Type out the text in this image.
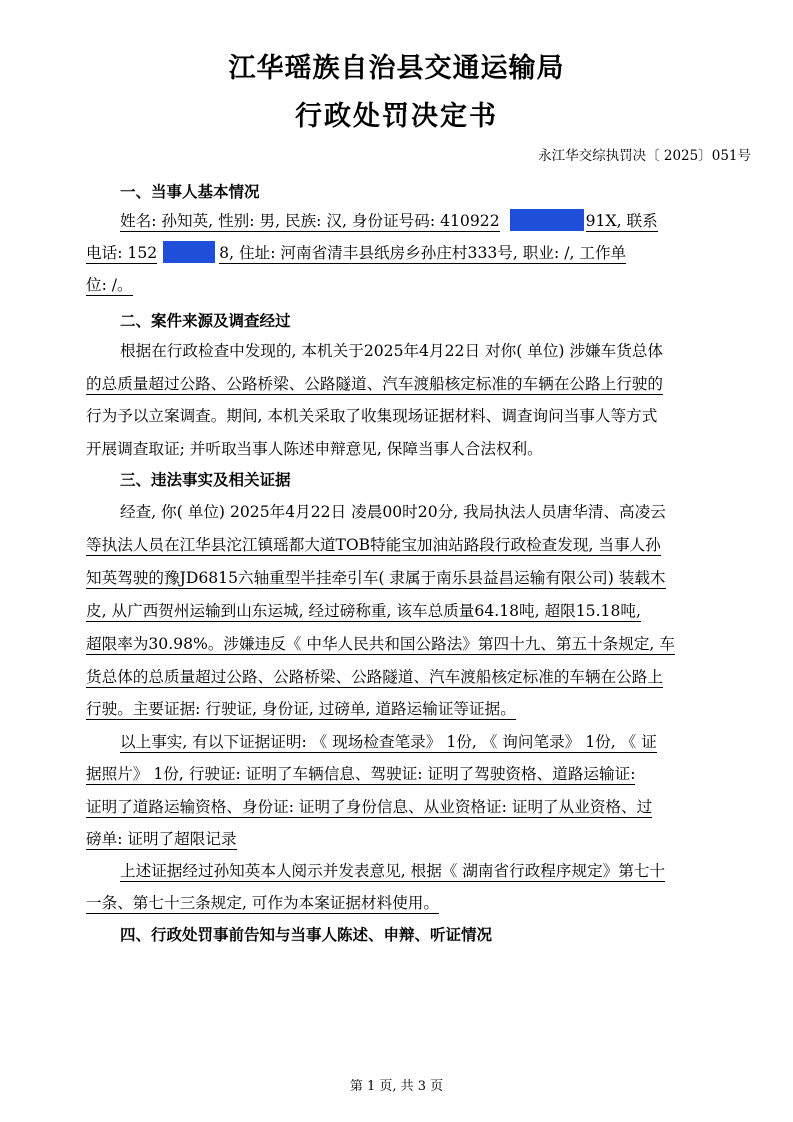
江华瑶族自治县交通运输局
行政处罚决定书
永江华交综执罚决〔 2025〕051号
一、当事人基本情况
姓名: 孙知英, 性别: 男, 民族: 汉, 身份证号码: 410922	91X, 联系
电话: 152	8, 住址: 河南省清丰县纸房乡孙庄村333号, 职业: /, 工作单
位: /。
二、案件来源及调查经过
根据在行政检查中发现的, 本机关于2025年4月22日 对你( 单位) 涉嫌车货总体
的总质量超过公路、公路桥梁、公路隧道、汽车渡船核定标准的车辆在公路上行驶的
行为予以立案调查。期间, 本机关采取了收集现场证据材料、调查询问当事人等方式
开展调查取证; 并听取当事人陈述申辩意见, 保障当事人合法权利。
三、违法事实及相关证据
经查, 你( 单位) 2025年4月22日 凌晨00时20分, 我局执法人员唐华清、高凌云
等执法人员在江华县沱江镇瑶都大道TOB特能宝加油站路段行政检查发现, 当事人孙
知英驾驶的豫JD6815六轴重型半挂牵引车( 隶属于南乐县益昌运输有限公司) 装载木
皮, 从广西贺州运输到山东运城, 经过磅称重, 该车总质量64.18吨, 超限15.18吨,
超限率为30.98%。涉嫌违反《 中华人民共和国公路法》第四十九、第五十条规定, 车
货总体的总质量超过公路、公路桥梁、公路隧道、汽车渡船核定标准的车辆在公路上
行驶。主要证据: 行驶证, 身份证, 过磅单, 道路运输证等证据。
以上事实, 有以下证据证明: 《 现场检查笔录》 1份, 《 询问笔录》 1份, 《 证
据照片》 1份, 行驶证: 证明了车辆信息、驾驶证: 证明了驾驶资格、道路运输证:
证明了道路运输资格、身份证: 证明了身份信息、从业资格证: 证明了从业资格、过
磅单: 证明了超限记录
上述证据经过孙知英本人阅示并发表意见, 根据《 湖南省行政程序规定》第七十
一条、第七十三条规定, 可作为本案证据材料使用。
四、行政处罚事前告知与当事人陈述、申辩、听证情况
第 1 页, 共 3 页
